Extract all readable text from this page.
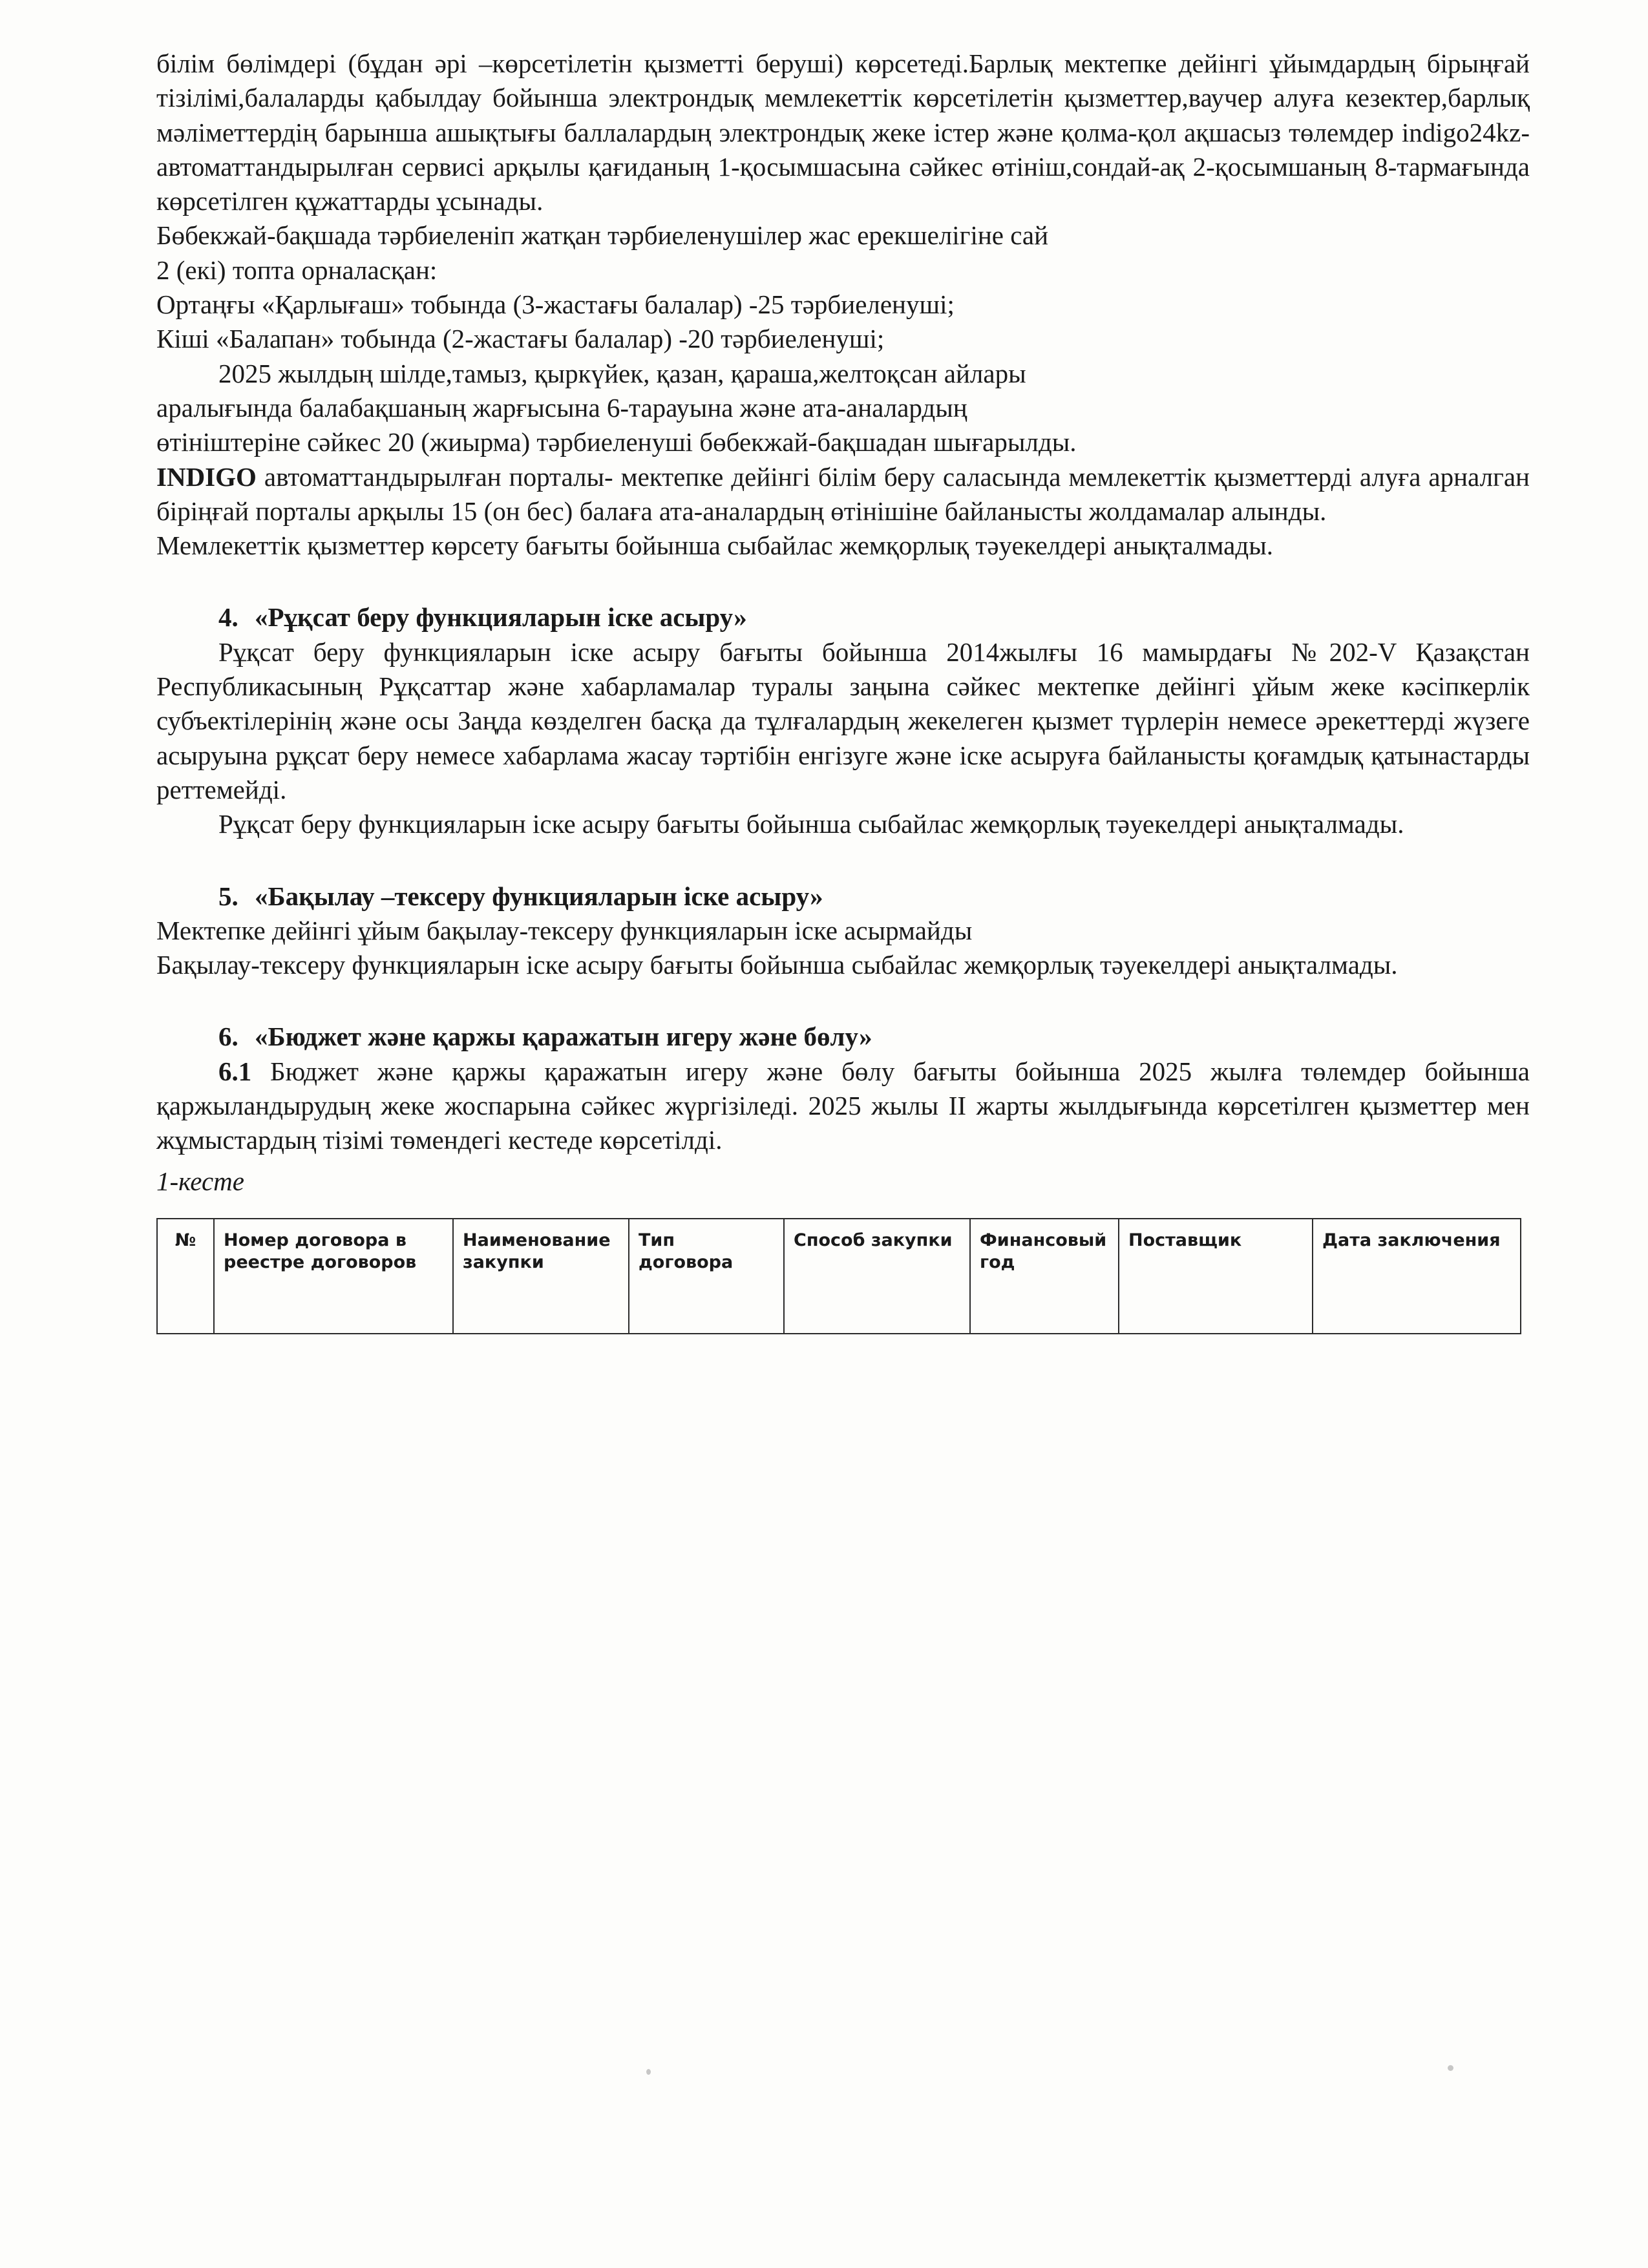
білім бөлімдері (бұдан әрі –көрсетілетін қызметті беруші) көрсетеді.Барлық мектепке дейінгі ұйымдардың бірыңғай тізілімі,балаларды қабылдау бойынша электрондық мемлекеттік көрсетілетін қызметтер,ваучер алуға кезектер,барлық мәліметтердің барынша ашықтығы баллалардың электрондық жеке істер және қолма-қол ақшасыз төлемдер indigo24kz-автоматтандырылған сервисі арқылы қағиданың 1-қосымшасына сәйкес өтініш,сондай-ақ 2-қосымшаның 8-тармағында көрсетілген құжаттарды ұсынады.

Бөбекжай-бақшада тәрбиеленіп жатқан тәрбиеленушілер жас ерекшелігіне сай

2 (екі) топта орналасқан:

Ортаңғы «Қарлығаш» тобында (3-жастағы балалар) -25 тәрбиеленуші;

Кіші «Балапан» тобында (2-жастағы балалар) -20 тәрбиеленуші;

2025 жылдың шілде,тамыз, қыркүйек, қазан, қараша,желтоқсан айлары

аралығында балабақшаның жарғысына 6-тарауына және ата-аналардың

өтініштеріне сәйкес 20 (жиырма) тәрбиеленуші бөбекжай-бақшадан шығарылды.

INDIGO автоматтандырылған порталы- мектепке дейінгі білім беру саласында мемлекеттік қызметтерді алуға арналган біріңғай порталы арқылы 15 (он бес) балаға ата-аналардың өтінішіне байланысты жолдамалар алынды.

Мемлекеттік қызметтер көрсету бағыты бойынша сыбайлас жемқорлық тәуекелдері анықталмады.

4. «Рұқсат беру функцияларын іске асыру»

Рұқсат беру функцияларын іске асыру бағыты бойынша 2014жылғы 16 мамырдағы №202-V Қазақстан Республикасының Рұқсаттар және хабарламалар туралы заңына сәйкес мектепке дейінгі ұйым жеке кәсіпкерлік субъектілерінің және осы Заңда көзделген басқа да тұлғалардың жекелеген қызмет түрлерін немесе әрекеттерді жүзеге асыруына рұқсат беру немесе хабарлама жасау тәртібін енгізуге және іске асыруға байланысты қоғамдық қатынастарды реттемейді.

Рұқсат беру функцияларын іске асыру бағыты бойынша сыбайлас жемқорлық тәуекелдері анықталмады.

5. «Бақылау –тексеру функцияларын іске асыру»

Мектепке дейінгі ұйым бақылау-тексеру функцияларын іске асырмайды

Бақылау-тексеру функцияларын іске асыру бағыты бойынша сыбайлас жемқорлық тәуекелдері анықталмады.

6. «Бюджет және қаржы қаражатын игеру және бөлу»

6.1 Бюджет және қаржы қаражатын игеру және бөлу бағыты бойынша 2025 жылға төлемдер бойынша қаржыландырудың жеке жоспарына сәйкес жүргізіледі. 2025 жылы II жарты жылдығында көрсетілген қызметтер мен жұмыстардың тізімі төмендегі кестеде көрсетілді.

1-кесте

№	Номер договора в реестре договоров	Наименование закупки	Тип договора	Способ закупки	Финансовый год	Поставщик	Дата заключения
